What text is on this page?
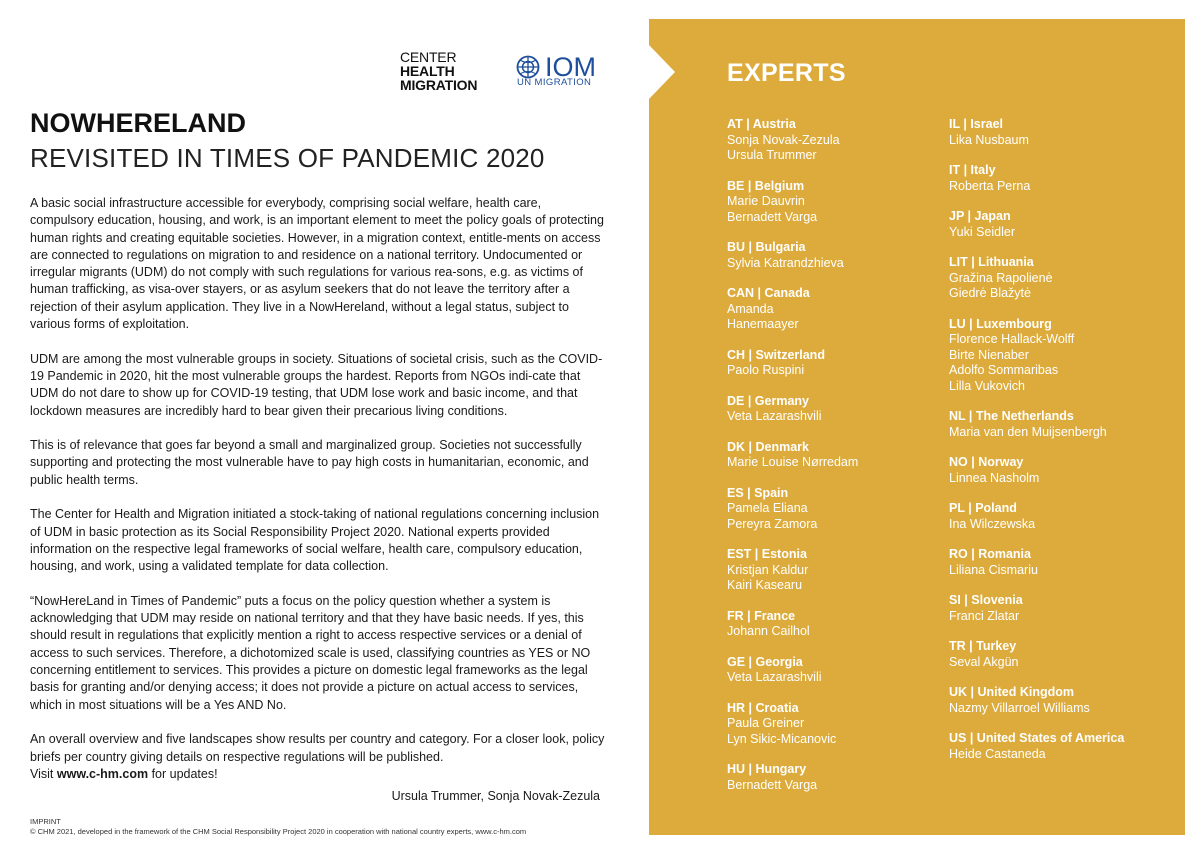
CENTER
HEALTH
MIGRATION
IOM
UN MIGRATION
NOWHERELAND
REVISITED IN TIMES OF PANDEMIC 2020

A basic social infrastructure accessible for everybody, comprising social welfare, health care, compulsory education, housing, and work, is an important element to meet the policy goals of protecting human rights and creating equitable societies. However, in a migration context, entitle-ments on access are connected to regulations on migration to and residence on a national territory. Undocumented or irregular migrants (UDM) do not comply with such regulations for various rea-sons, e.g. as victims of human trafficking, as visa-over stayers, or as asylum seekers that do not leave the territory after a rejection of their asylum application. They live in a NowHereland, without a legal status, subject to various forms of exploitation.

UDM are among the most vulnerable groups in society. Situations of societal crisis, such as the COVID-19 Pandemic in 2020, hit the most vulnerable groups the hardest. Reports from NGOs indi-cate that UDM do not dare to show up for COVID-19 testing, that UDM lose work and basic income, and that lockdown measures are incredibly hard to bear given their precarious living conditions.

This is of relevance that goes far beyond a small and marginalized group. Societies not successfully supporting and protecting the most vulnerable have to pay high costs in humanitarian, economic, and public health terms.

The Center for Health and Migration initiated a stock-taking of national regulations concerning inclusion of UDM in basic protection as its Social Responsibility Project 2020. National experts provided information on the respective legal frameworks of social welfare, health care, compulsory education, housing, and work, using a validated template for data collection.

“NowHereLand in Times of Pandemic” puts a focus on the policy question whether a system is acknowledging that UDM may reside on national territory and that they have basic needs. If yes, this should result in regulations that explicitly mention a right to access respective services or a denial of access to such services. Therefore, a dichotomized scale is used, classifying countries as YES or NO concerning entitlement to services. This provides a picture on domestic legal frameworks as the legal basis for granting and/or denying access; it does not provide a picture on actual access to services, which in most situations will be a Yes AND No.

An overall overview and five landscapes show results per country and category. For a closer look, policy briefs per country giving details on respective regulations will be published.
Visit www.c-hm.com for updates!

Ursula Trummer, Sonja Novak-Zezula
IMPRINT
© CHM 2021, developed in the framework of the CHM Social Responsibility Project 2020 in cooperation with national country experts, www.c-hm.com
EXPERTS
AT | Austria
Sonja Novak-Zezula
Ursula Trummer
BE | Belgium
Marie Dauvrin
Bernadett Varga
BU | Bulgaria
Sylvia Katrandzhieva
CAN | Canada
Amanda
Hanemaayer
CH | Switzerland
Paolo Ruspini
DE | Germany
Veta Lazarashvili
DK | Denmark
Marie Louise Nørredam
ES | Spain
Pamela Eliana
Pereyra Zamora
EST | Estonia
Kristjan Kaldur
Kairi Kasearu
FR | France
Johann Cailhol
GE | Georgia
Veta Lazarashvili
HR | Croatia
Paula Greiner
Lyn Sikic-Micanovic
HU | Hungary
Bernadett Varga
IL | Israel
Lika Nusbaum
IT | Italy
Roberta Perna
JP | Japan
Yuki Seidler
LIT | Lithuania
Gražina Rapolienė
Giedrė Blažytė
LU | Luxembourg
Florence Hallack-Wolff
Birte Nienaber
Adolfo Sommaribas
Lilla Vukovich
NL | The Netherlands
Maria van den Muijsenbergh
NO | Norway
Linnea Nasholm
PL | Poland
Ina Wilczewska
RO | Romania
Liliana Cismariu
SI | Slovenia
Franci Zlatar
TR | Turkey
Seval Akgün
UK | United Kingdom
Nazmy Villarroel Williams
US | United States of America
Heide Castaneda
